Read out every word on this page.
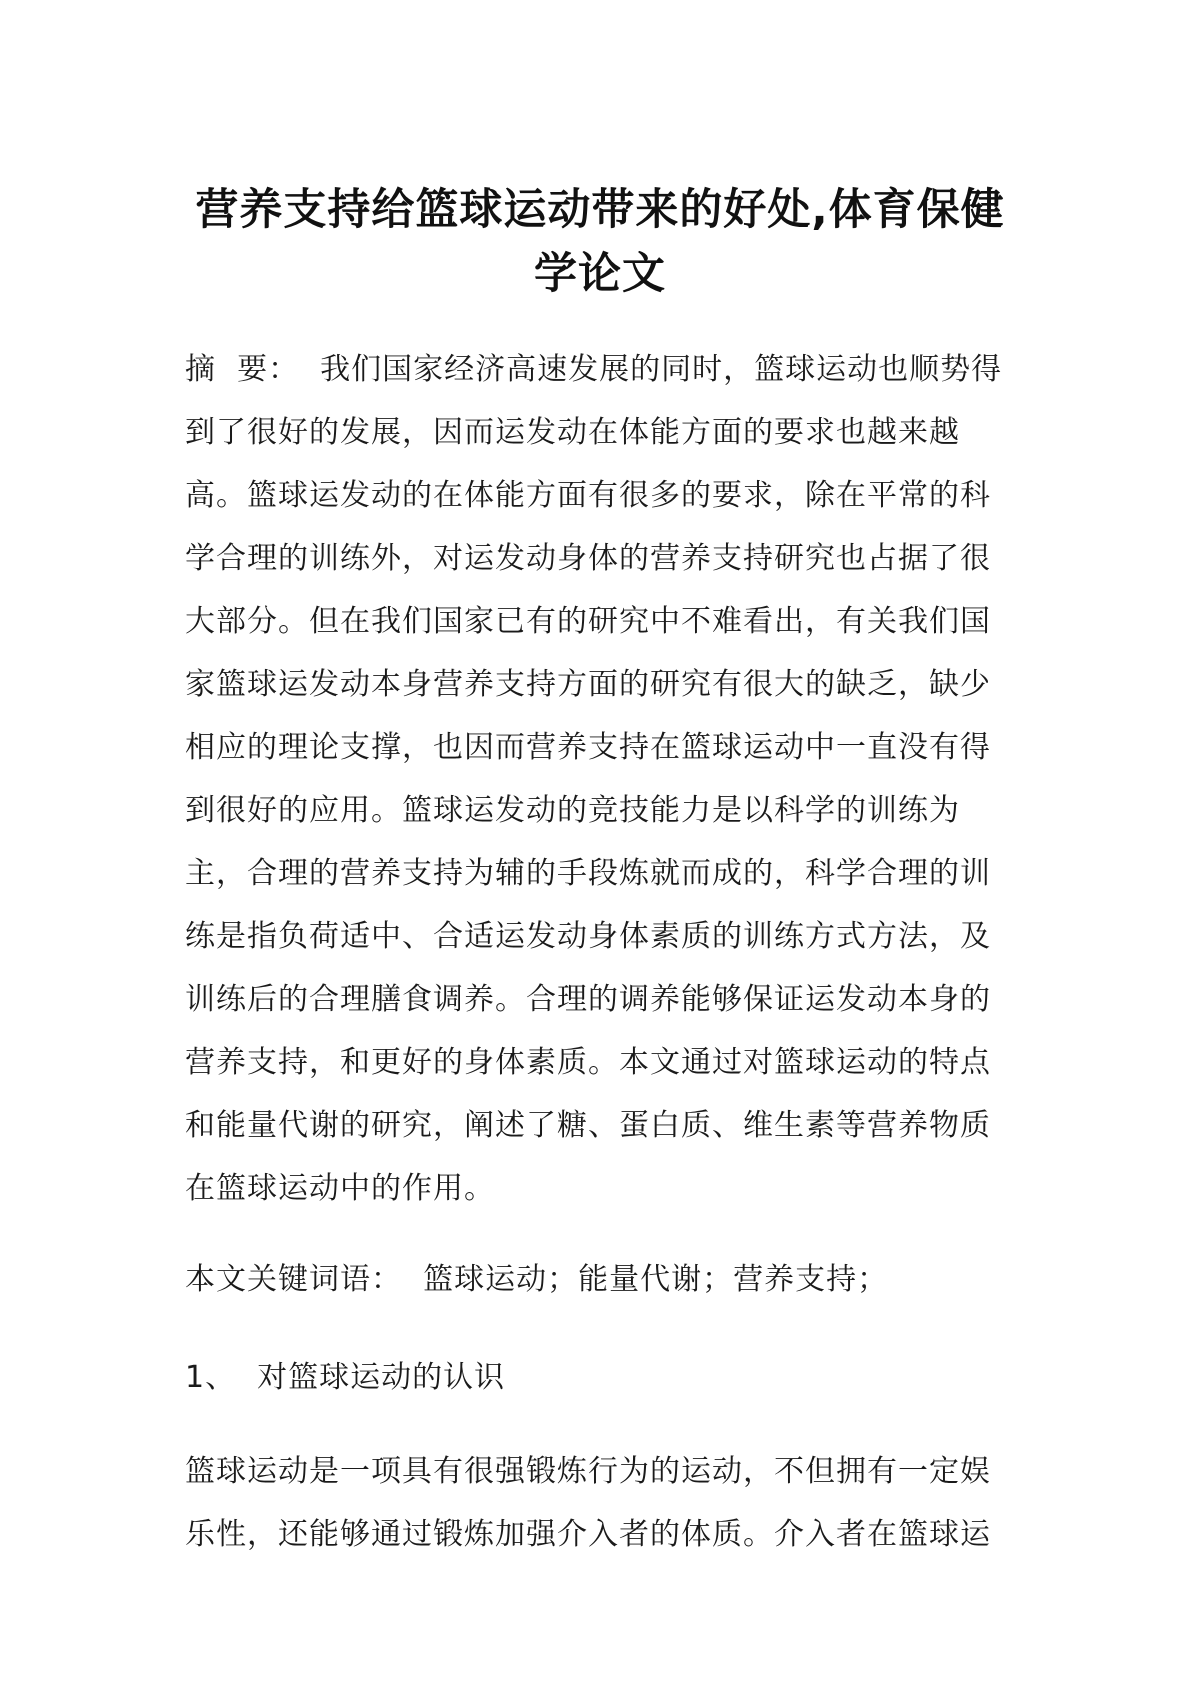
营养支持给篮球运动带来的好处,体育保健
学论文
摘  要：  我们国家经济高速发展的同时，篮球运动也顺势得到了很好的发展，因而运发动在体能方面的要求也越来越高。篮球运发动的在体能方面有很多的要求，除在平常的科学合理的训练外，对运发动身体的营养支持研究也占据了很大部分。但在我们国家已有的研究中不难看出，有关我们国家篮球运发动本身营养支持方面的研究有很大的缺乏，缺少相应的理论支撑，也因而营养支持在篮球运动中一直没有得到很好的应用。篮球运发动的竞技能力是以科学的训练为主，合理的营养支持为辅的手段炼就而成的，科学合理的训练是指负荷适中、合适运发动身体素质的训练方式方法，及训练后的合理膳食调养。合理的调养能够保证运发动本身的营养支持，和更好的身体素质。本文通过对篮球运动的特点和能量代谢的研究，阐述了糖、蛋白质、维生素等营养物质在篮球运动中的作用。
本文关键词语：  篮球运动；能量代谢；营养支持；
1、  对篮球运动的认识
篮球运动是一项具有很强锻炼行为的运动，不但拥有一定娱乐性，还能够通过锻炼加强介入者的体质。介入者在篮球运
